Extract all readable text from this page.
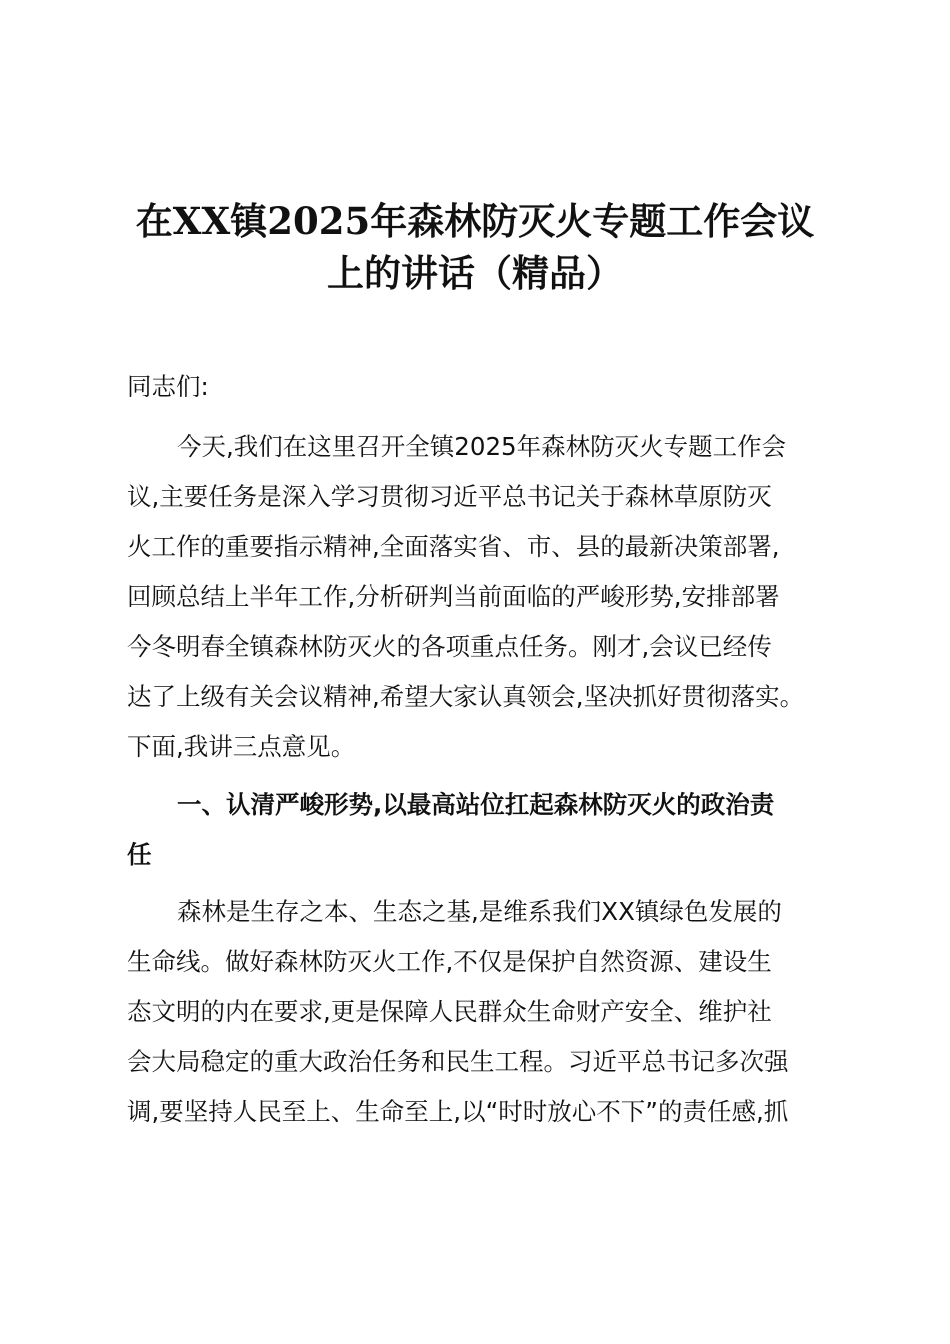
在XX镇2025年森林防灭火专题工作会议
上的讲话（精品）

同志们:

今天,我们在这里召开全镇2025年森林防灭火专题工作会

议,主要任务是深入学习贯彻习近平总书记关于森林草原防灭

火工作的重要指示精神,全面落实省、市、县的最新决策部署,

回顾总结上半年工作,分析研判当前面临的严峻形势,安排部署

今冬明春全镇森林防灭火的各项重点任务。刚才,会议已经传

达了上级有关会议精神,希望大家认真领会,坚决抓好贯彻落实。

下面,我讲三点意见。

一、认清严峻形势,以最高站位扛起森林防灭火的政治责

任

森林是生存之本、生态之基,是维系我们XX镇绿色发展的

生命线。做好森林防灭火工作,不仅是保护自然资源、建设生

态文明的内在要求,更是保障人民群众生命财产安全、维护社

会大局稳定的重大政治任务和民生工程。习近平总书记多次强

调,要坚持人民至上、生命至上,以“时时放心不下”的责任感,抓
